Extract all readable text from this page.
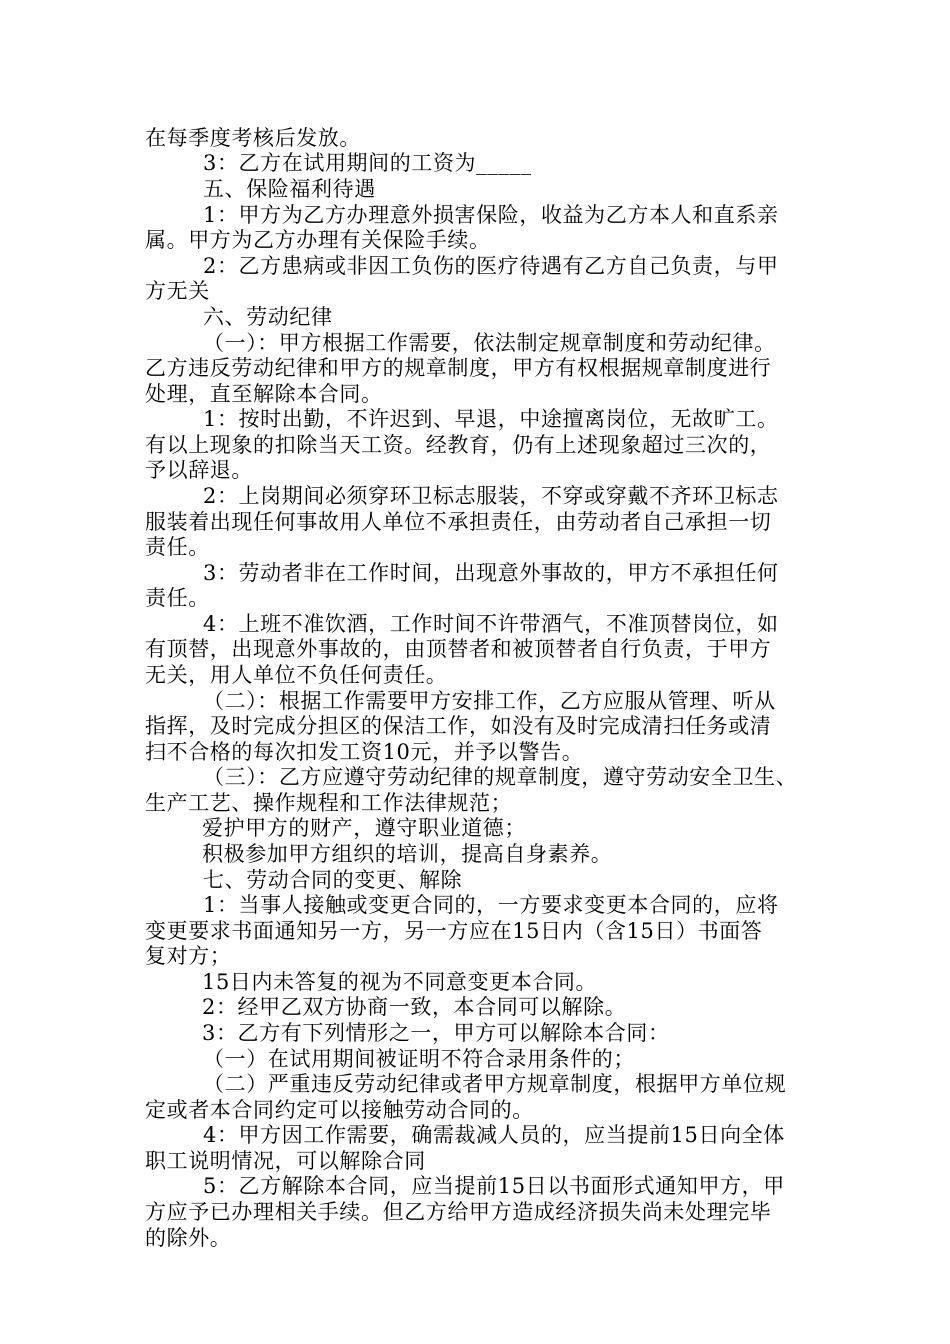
在每季度考核后发放。
3：乙方在试用期间的工资为_____
五、保险福利待遇
1：甲方为乙方办理意外损害保险，收益为乙方本人和直系亲
属。甲方为乙方办理有关保险手续。
2：乙方患病或非因工负伤的医疗待遇有乙方自己负责，与甲
方无关
六、劳动纪律
（一）：甲方根据工作需要，依法制定规章制度和劳动纪律。
乙方违反劳动纪律和甲方的规章制度，甲方有权根据规章制度进行
处理，直至解除本合同。
1：按时出勤，不许迟到、早退，中途擅离岗位，无故旷工。
有以上现象的扣除当天工资。经教育，仍有上述现象超过三次的，
予以辞退。
2：上岗期间必须穿环卫标志服装，不穿或穿戴不齐环卫标志
服装着出现任何事故用人单位不承担责任，由劳动者自己承担一切
责任。
3：劳动者非在工作时间，出现意外事故的，甲方不承担任何
责任。
4：上班不准饮酒，工作时间不许带酒气，不准顶替岗位，如
有顶替，出现意外事故的，由顶替者和被顶替者自行负责，于甲方
无关，用人单位不负任何责任。
（二）：根据工作需要甲方安排工作，乙方应服从管理、听从
指挥，及时完成分担区的保洁工作，如没有及时完成清扫任务或清
扫不合格的每次扣发工资10元，并予以警告。
（三）：乙方应遵守劳动纪律的规章制度，遵守劳动安全卫生、
生产工艺、操作规程和工作法律规范；
爱护甲方的财产，遵守职业道德；
积极参加甲方组织的培训，提高自身素养。
七、劳动合同的变更、解除
1：当事人接触或变更合同的，一方要求变更本合同的，应将
变更要求书面通知另一方，另一方应在15日内（含15日）书面答
复对方；
15日内未答复的视为不同意变更本合同。
2：经甲乙双方协商一致，本合同可以解除。
3：乙方有下列情形之一，甲方可以解除本合同：
（一）在试用期间被证明不符合录用条件的；
（二）严重违反劳动纪律或者甲方规章制度，根据甲方单位规
定或者本合同约定可以接触劳动合同的。
4：甲方因工作需要，确需裁减人员的，应当提前15日向全体
职工说明情况，可以解除合同
5：乙方解除本合同，应当提前15日以书面形式通知甲方，甲
方应予已办理相关手续。但乙方给甲方造成经济损失尚未处理完毕
的除外。
